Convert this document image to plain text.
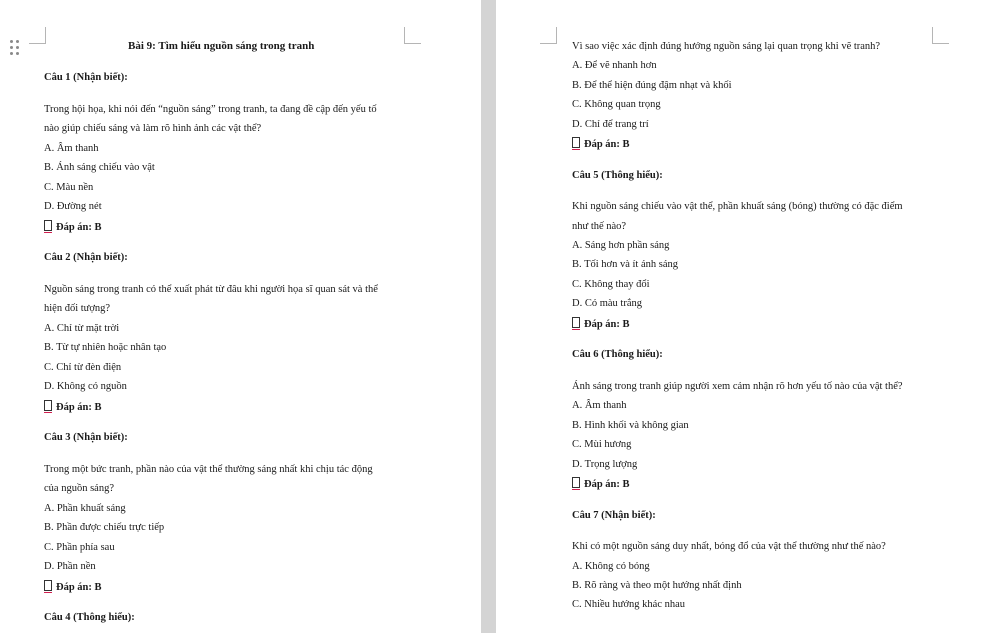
Bài 9: Tìm hiểu nguồn sáng trong tranh
Câu 1 (Nhận biết):
Trong hội họa, khi nói đến “nguồn sáng” trong tranh, ta đang đề cập đến yếu tố
nào giúp chiếu sáng và làm rõ hình ảnh các vật thể?
A. Âm thanh
B. Ánh sáng chiếu vào vật
C. Màu nền
D. Đường nét
Đáp án: B
Câu 2 (Nhận biết):
Nguồn sáng trong tranh có thể xuất phát từ đâu khi người họa sĩ quan sát và thể
hiện đối tượng?
A. Chỉ từ mặt trời
B. Từ tự nhiên hoặc nhân tạo
C. Chỉ từ đèn điện
D. Không có nguồn
Đáp án: B
Câu 3 (Nhận biết):
Trong một bức tranh, phần nào của vật thể thường sáng nhất khi chịu tác động
của nguồn sáng?
A. Phần khuất sáng
B. Phần được chiếu trực tiếp
C. Phần phía sau
D. Phần nền
Đáp án: B
Câu 4 (Thông hiểu):
Vì sao việc xác định đúng hướng nguồn sáng lại quan trọng khi vẽ tranh?
A. Để vẽ nhanh hơn
B. Để thể hiện đúng đậm nhạt và khối
C. Không quan trọng
D. Chỉ để trang trí
Đáp án: B
Câu 5 (Thông hiểu):
Khi nguồn sáng chiếu vào vật thể, phần khuất sáng (bóng) thường có đặc điểm
như thế nào?
A. Sáng hơn phần sáng
B. Tối hơn và ít ánh sáng
C. Không thay đổi
D. Có màu trắng
Đáp án: B
Câu 6 (Thông hiểu):
Ánh sáng trong tranh giúp người xem cảm nhận rõ hơn yếu tố nào của vật thể?
A. Âm thanh
B. Hình khối và không gian
C. Mùi hương
D. Trọng lượng
Đáp án: B
Câu 7 (Nhận biết):
Khi có một nguồn sáng duy nhất, bóng đổ của vật thể thường như thế nào?
A. Không có bóng
B. Rõ ràng và theo một hướng nhất định
C. Nhiều hướng khác nhau
